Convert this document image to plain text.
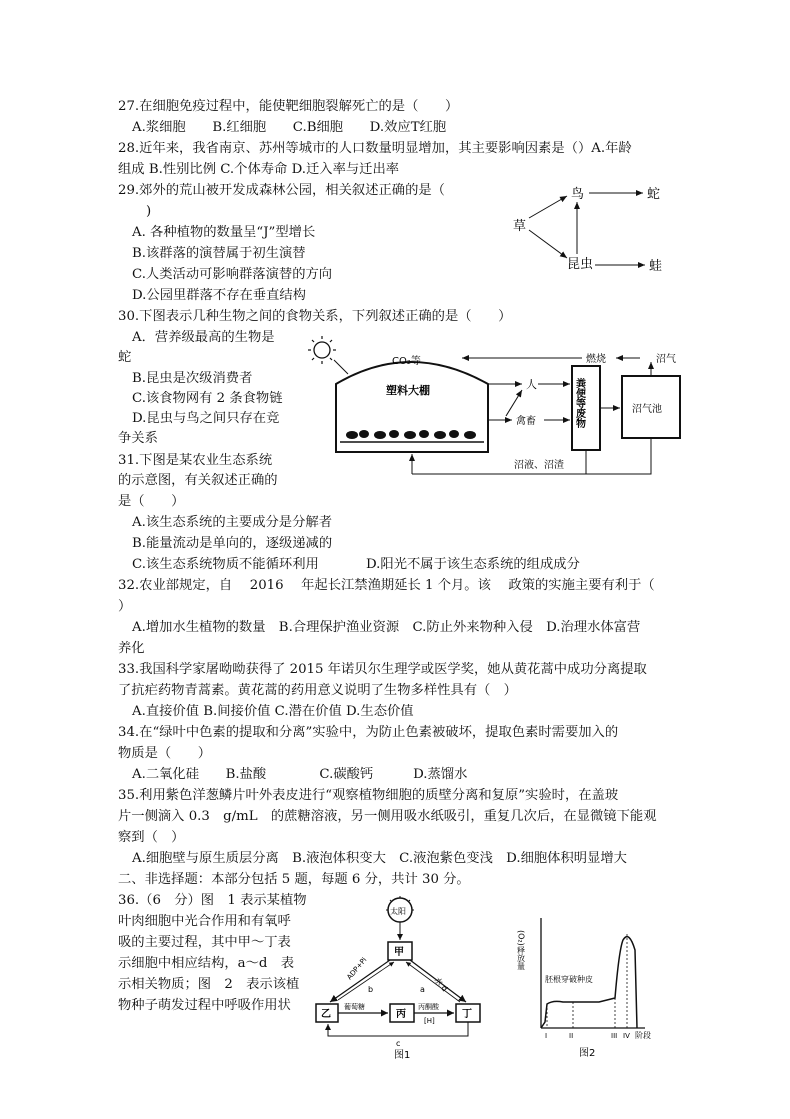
27.在细胞免疫过程中，能使靶细胞裂解死亡的是（　　）
A.浆细胞　　B.红细胞　　C.B细胞　　D.效应T红胞
28.近年来，我省南京、苏州等城市的人口数量明显增加，其主要影响因素是（）A.年龄
组成 B.性别比例 C.个体寿命 D.迁入率与迁出率
29.郊外的荒山被开发成森林公园，相关叙述正确的是（
)
A. 各种植物的数量呈“J”型增长
B.该群落的演替属于初生演替
C.人类活动可影响群落演替的方向
D.公园里群落不存在垂直结构
草
鸟	蛇
昆虫	蛙
30.下图表示几种生物之间的食物关系，下列叙述正确的是（　　）
A．营养级最高的生物是
蛇
B.昆虫是次级消费者
C.该食物网有 2 条食物链
D.昆虫与鸟之间只存在竞
争关系
CO₂等
塑料大棚	人
禽畜	粪便等废物	沼气池
沼气
燃烧
沼液、沼渣
31.下图是某农业生态系统
的示意图，有关叙述正确的
是（　　）
A.该生态系统的主要成分是分解者
B.能量流动是单向的，逐级递减的
C.该生态系统物质不能循环利用	D.阳光不属于该生态系统的组成成分
32.农业部规定，自　 2016　 年起长江禁渔期延长 1 个月。该　 政策的实施主要有利于（
）
A.增加水生植物的数量　B.合理保护渔业资源　C.防止外来物种入侵　D.治理水体富营
养化
33.我国科学家屠呦呦获得了 2015 年诺贝尔生理学或医学奖，她从黄花蒿中成功分离提取
了抗疟药物青蒿素。黄花蒿的药用意义说明了生物多样性具有（　）
A.直接价值 B.间接价值 C.潜在价值 D.生态价值
34.在“绿叶中色素的提取和分离”实验中，为防止色素被破坏，提取色素时需要加入的
物质是（　　）
A.二氧化硅　　B.盐酸　　　　C.碳酸钙　　　D.蒸馏水
35.利用紫色洋葱鳞片叶外表皮进行“观察植物细胞的质壁分离和复原”实验时，在盖玻
片一侧滴入 0.3　g/mL　的蔗糖溶液，另一侧用吸水纸吸引，重复几次后，在显微镜下能观
察到（　）
A.细胞壁与原生质层分离　B.液泡体积变大　C.液泡紫色变浅　D.细胞体积明显增大
二、非选择题：本部分包括 5 题，每题 6 分，共计 30 分。
36.（6　分）图　1 表示某植物
叶肉细胞中光合作用和有氧呼
吸的主要过程，其中甲～丁表
示细胞中相应结构，a～d　表
示相关物质；图　2　表示该植
物种子萌发过程中呼吸作用状
太阳
甲
乙	丙	丁
ADP+Pi
b	水 d
a
葡萄糖	丙酮酸
[H]
c
图1
(O₂)释放量
胚根穿破种皮
I	II	III IV 阶段
图2
